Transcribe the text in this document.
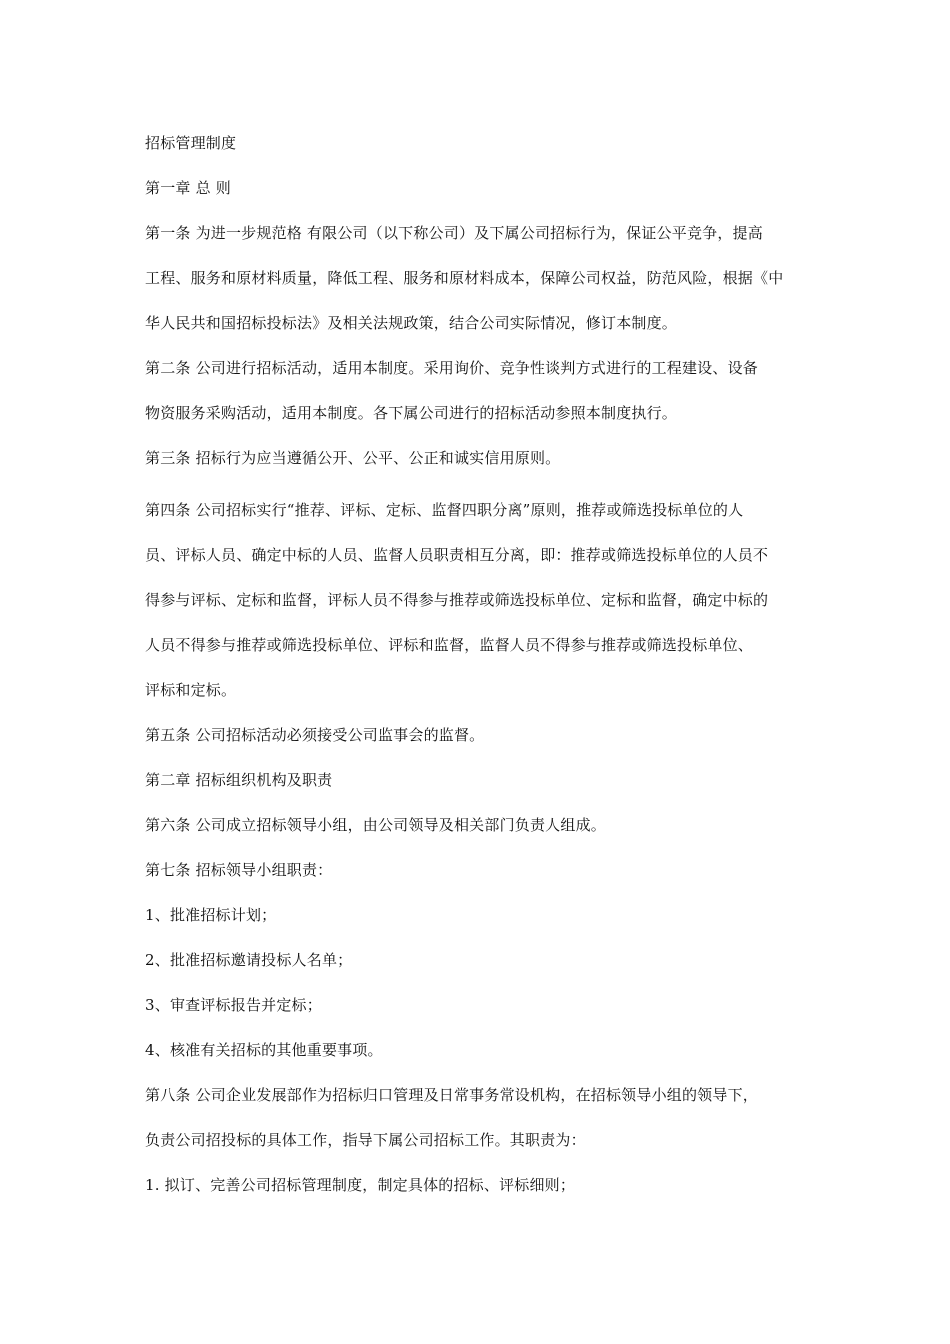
招标管理制度
第一章 总 则
第一条 为进一步规范格 有限公司（以下称公司）及下属公司招标行为，保证公平竞争，提高
工程、服务和原材料质量，降低工程、服务和原材料成本，保障公司权益，防范风险，根据《中
华人民共和国招标投标法》及相关法规政策，结合公司实际情况，修订本制度。
第二条 公司进行招标活动，适用本制度。采用询价、竞争性谈判方式进行的工程建设、设备
物资服务采购活动，适用本制度。各下属公司进行的招标活动参照本制度执行。
第三条 招标行为应当遵循公开、公平、公正和诚实信用原则。
第四条 公司招标实行“推荐、评标、定标、监督四职分离”原则，推荐或筛选投标单位的人
员、评标人员、确定中标的人员、监督人员职责相互分离，即：推荐或筛选投标单位的人员不
得参与评标、定标和监督，评标人员不得参与推荐或筛选投标单位、定标和监督，确定中标的
人员不得参与推荐或筛选投标单位、评标和监督，监督人员不得参与推荐或筛选投标单位、
评标和定标。
第五条 公司招标活动必须接受公司监事会的监督。
第二章 招标组织机构及职责
第六条 公司成立招标领导小组，由公司领导及相关部门负责人组成。
第七条 招标领导小组职责：
1、批准招标计划；
2、批准招标邀请投标人名单；
3、审查评标报告并定标；
4、核准有关招标的其他重要事项。
第八条 公司企业发展部作为招标归口管理及日常事务常设机构，在招标领导小组的领导下，
负责公司招投标的具体工作，指导下属公司招标工作。其职责为：
1. 拟订、完善公司招标管理制度，制定具体的招标、评标细则；
